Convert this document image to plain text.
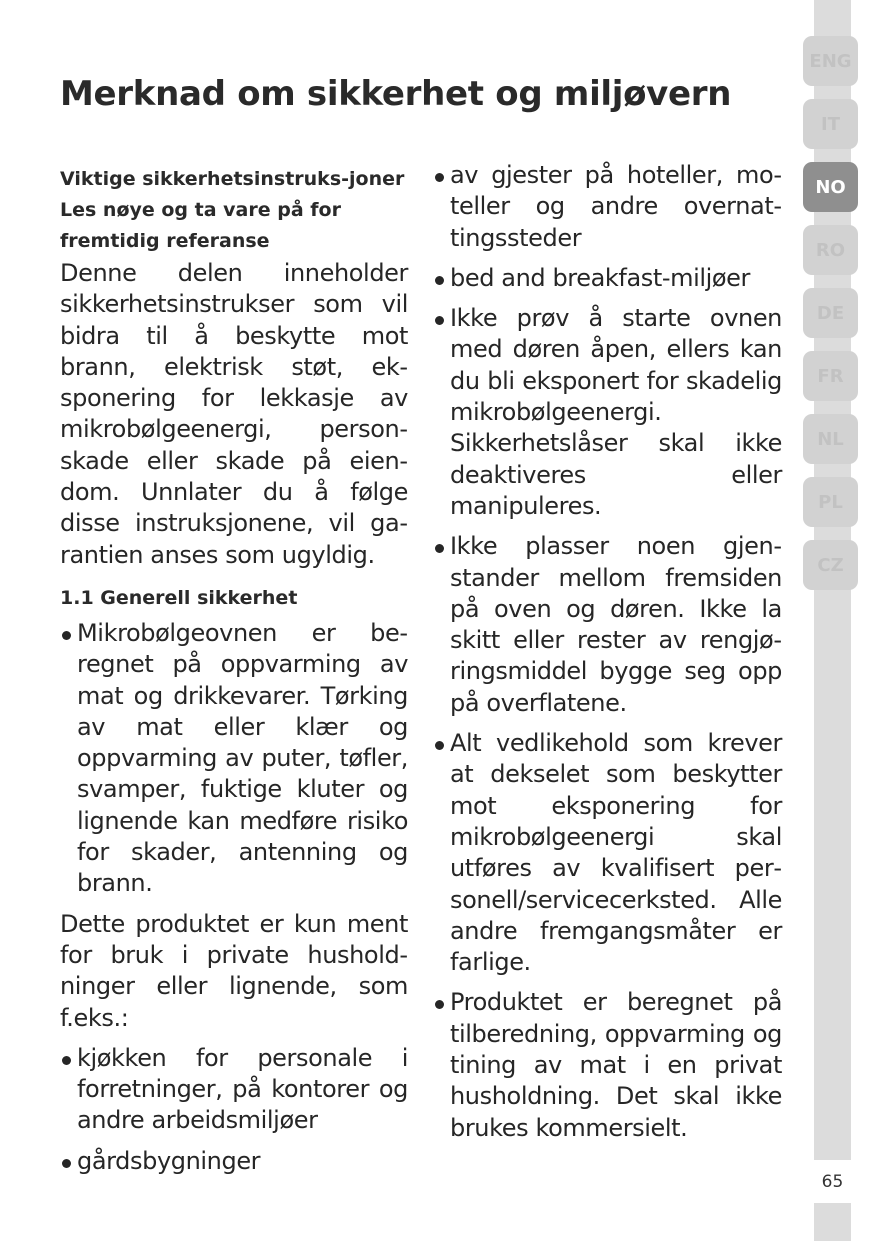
Merknad om sikkerhet og miljøvern
Viktige sikkerhetsinstruks-joner Les nøye og ta vare på for fremtidig referanse

Denne delen inneholder sikkerhetsinstrukser som vil bidra til å beskytte mot brann, elektrisk støt, eksponering for lekkasje av mikrobølgeenergi, personskade eller skade på eiendom. Unnlater du å følge disse instruksjonene, vil garantien anses som ugyldig.

1.1 Generell sikkerhet
Mikrobølgeovnen er beregnet på oppvarming av mat og drikkevarer. Tørking av mat eller klær og oppvarming av puter, tøfler, svamper, fuktige kluter og lignende kan medføre risiko for skader, antenning og brann.

Dette produktet er kun ment for bruk i private husholdninger eller lignende, som f.eks.:

kjøkken for personale i forretninger, på kontorer og andre arbeidsmiljøer
gårdsbygninger
av gjester på hoteller, moteller og andre overnattingssteder
bed and breakfast-miljøer
Ikke prøv å starte ovnen med døren åpen, ellers kan du bli eksponert for skadelig mikrobølgeenergi. Sikkerhetslåser skal ikke deaktiveres eller manipuleres.
Ikke plasser noen gjenstander mellom fremsiden på oven og døren. Ikke la skitt eller rester av rengjøringsmiddel bygge seg opp på overflatene.
Alt vedlikehold som krever at dekselet som beskytter mot eksponering for mikrobølgeenergi skal utføres av kvalifisert personell/servicecerksted. Alle andre fremgangsmåter er farlige.
Produktet er beregnet på tilberedning, oppvarming og tining av mat i en privat husholdning. Det skal ikke brukes kommersielt.
ENG
IT
NO
RO
DE
FR
NL
PL
CZ
65
